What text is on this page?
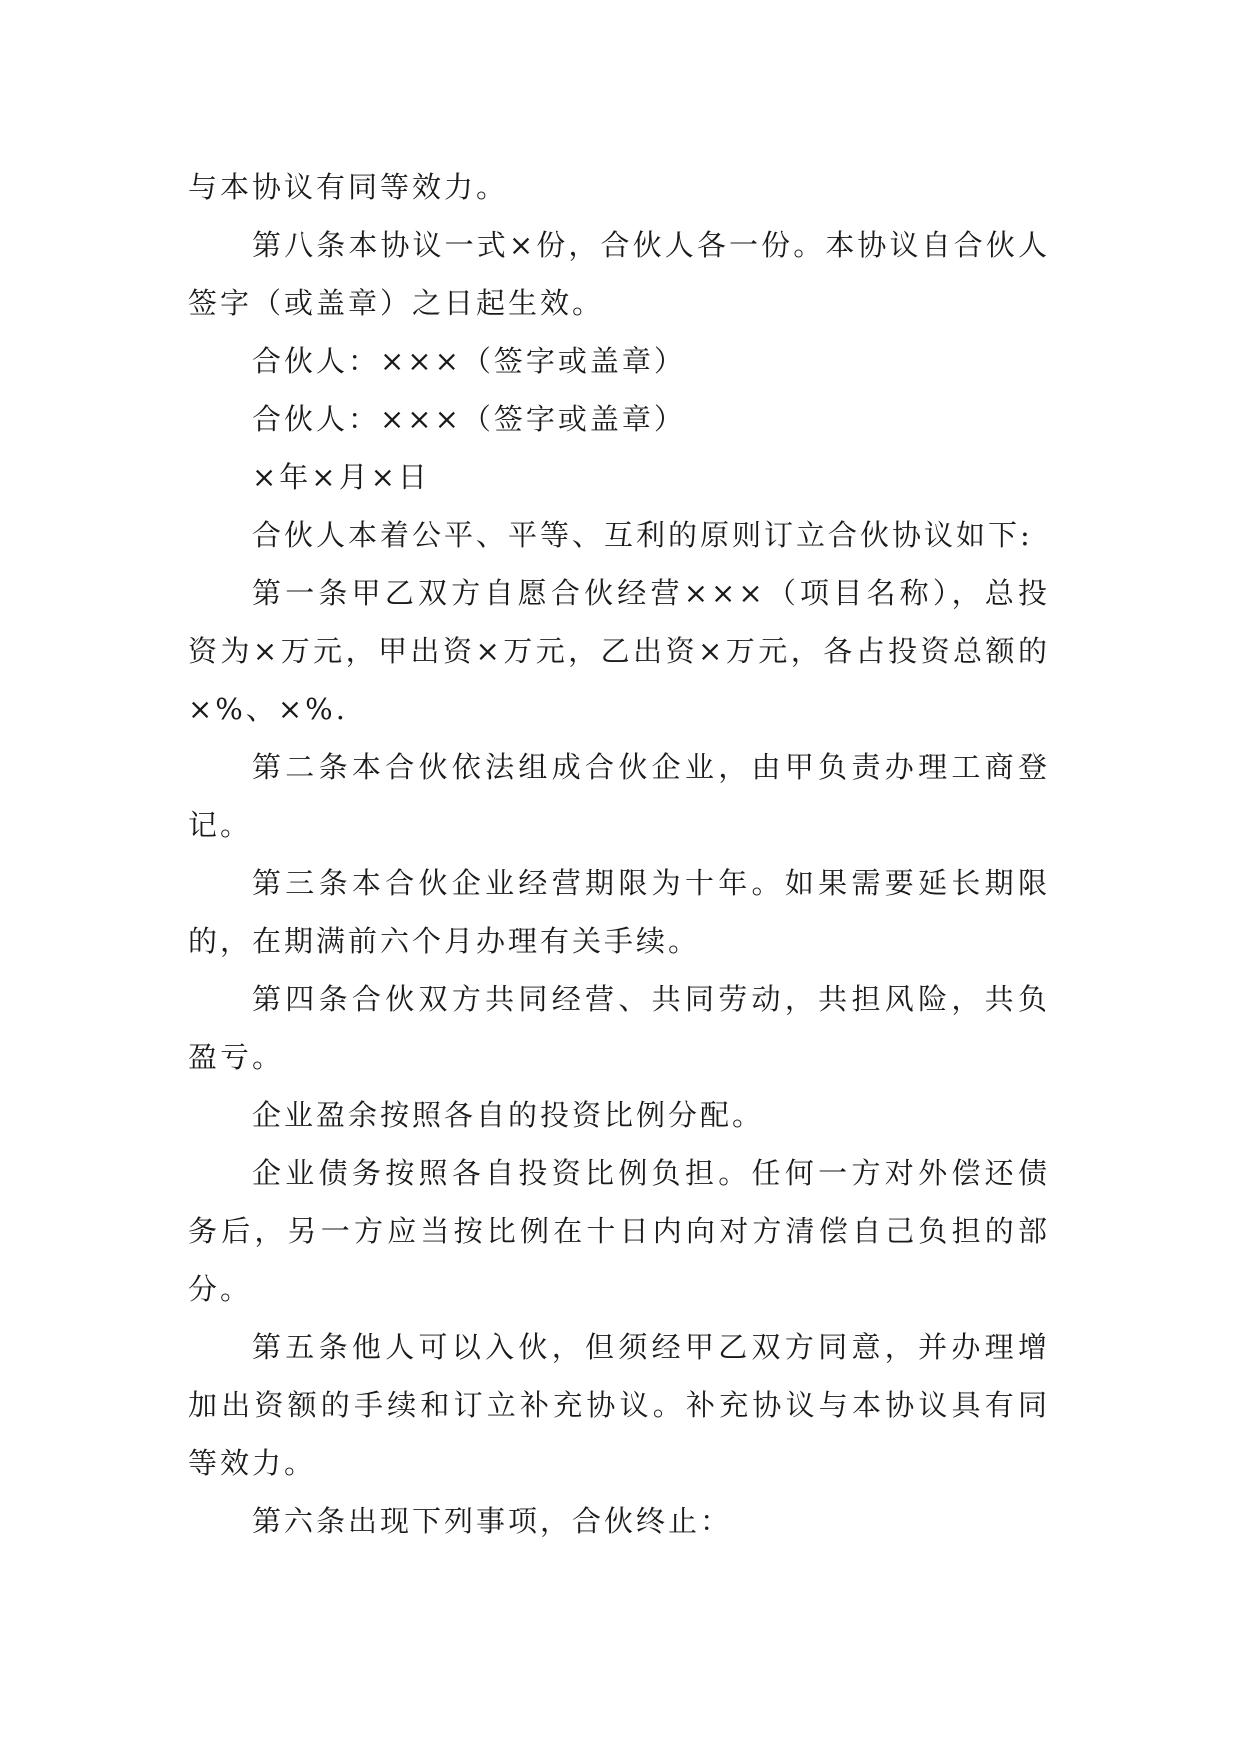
与本协议有同等效力。

第八条本协议一式×份，合伙人各一份。本协议自合伙人签字（或盖章）之日起生效。

合伙人：×××（签字或盖章）

合伙人：×××（签字或盖章）

×年×月×日

合伙人本着公平、平等、互利的原则订立合伙协议如下:

第一条甲乙双方自愿合伙经营×××（项目名称），总投资为×万元，甲出资×万元，乙出资×万元，各占投资总额的×%、×%.

第二条本合伙依法组成合伙企业，由甲负责办理工商登记。

第三条本合伙企业经营期限为十年。如果需要延长期限的，在期满前六个月办理有关手续。

第四条合伙双方共同经营、共同劳动，共担风险，共负盈亏。

企业盈余按照各自的投资比例分配。

企业债务按照各自投资比例负担。任何一方对外偿还债务后，另一方应当按比例在十日内向对方清偿自己负担的部分。

第五条他人可以入伙，但须经甲乙双方同意，并办理增加出资额的手续和订立补充协议。补充协议与本协议具有同等效力。

第六条出现下列事项，合伙终止：
